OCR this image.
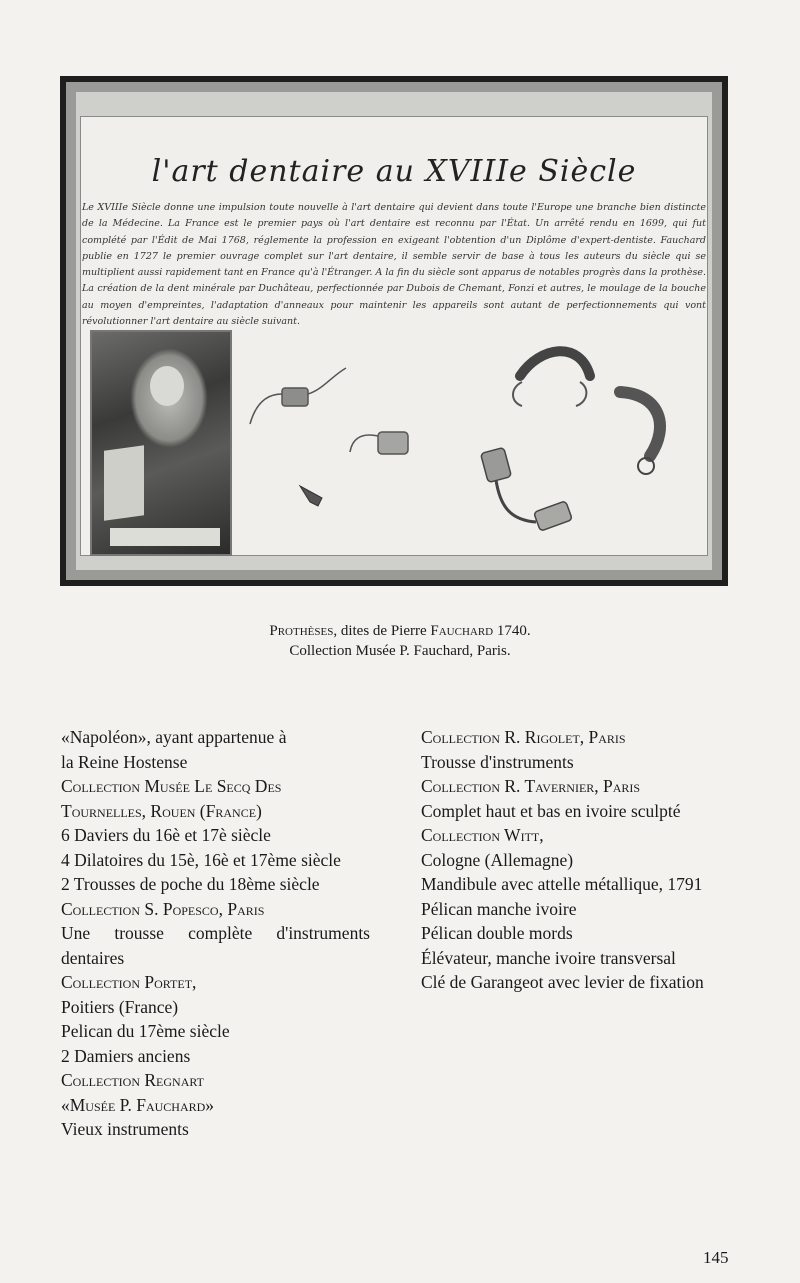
l'art dentaire au XVIIIe Siècle
Le XVIIIe Siècle donne une impulsion toute nouvelle à l'art dentaire qui devient dans toute l'Europe une branche bien distincte de la Médecine. La France est le premier pays où l'art dentaire est reconnu par l'État. Un arrêté rendu en 1699, qui fut complété par l'Édit de Mai 1768, réglemente la profession en exigeant l'obtention d'un Diplôme d'expert-dentiste. Fauchard publie en 1727 le premier ouvrage complet sur l'art dentaire, il semble servir de base à tous les auteurs du siècle qui se multiplient aussi rapidement tant en France qu'à l'Étranger. A la fin du siècle sont apparus de notables progrès dans la prothèse. La création de la dent minérale par Duchâteau, perfectionnée par Dubois de Chemant, Fonzi et autres, le moulage de la bouche au moyen d'empreintes, l'adaptation d'anneaux pour maintenir les appareils sont autant de perfectionnements qui vont révolutionner l'art dentaire au siècle suivant.
Prothèses, dites de Pierre Fauchard 1740.
Collection Musée P. Fauchard, Paris.

«Napoléon», ayant appartenue à
la Reine Hostense

Collection Musée Le Secq Des
Tournelles, Rouen (France)

6 Daviers du 16è et 17è siècle

4 Dilatoires du 15è, 16è et 17ème siècle

2 Trousses de poche du 18ème siècle

Collection S. Popesco, Paris

Une trousse complète d'instruments dentaires

Collection Portet,

Poitiers (France)

Pelican du 17ème siècle

2 Damiers anciens

Collection Regnart
«Musée P. Fauchard»

Vieux instruments

Collection R. Rigolet, Paris

Trousse d'instruments

Collection R. Tavernier, Paris

Complet haut et bas en ivoire sculpté

Collection Witt,

Cologne (Allemagne)

Mandibule avec attelle métallique, 1791

Pélican manche ivoire

Pélican double mords

Élévateur, manche ivoire transversal

Clé de Garangeot avec levier de fixation

145
